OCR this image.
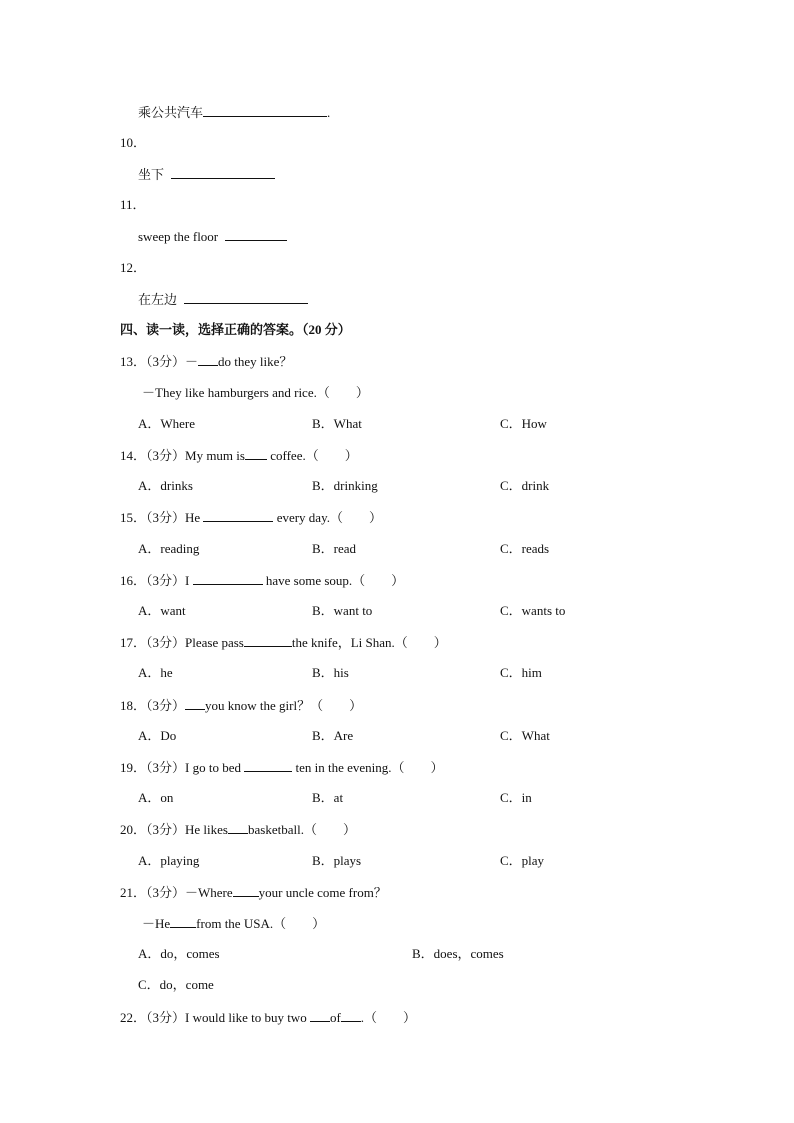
乘公共汽车	.
10．
坐下
11．
sweep the floor
12．
在左边
四、读一读，选择正确的答案。（20 分）
13．（3分）－ do they like？
－They like hamburgers and rice.（　　）
A．Where	B．What	C．How
14．（3分）My mum is coffee.（　　）
A．drinks	B．drinking	C．drink
15．（3分）He	every day.（　　）
A．reading	B．read	C．reads
16．（3分）I	have some soup.（　　）
A．want	B．want to	C．wants to
17．（3分）Please pass	the knife，Li Shan.（　　）
A．he	B．his	C．him
18．（3分） you know the girl？（　　）
A．Do	B．Are	C．What
19．（3分）I go to bed	ten in the evening.（　　）
A．on	B．at	C．in
20．（3分）He likes basketball.（　　）
A．playing	B．plays	C．play
21．（3分）－Where your uncle come from？
－He from the USA.（　　）
A．do，comes	B．does，comes
C．do，come
22．（3分）I would like to buy two of .（　　）
